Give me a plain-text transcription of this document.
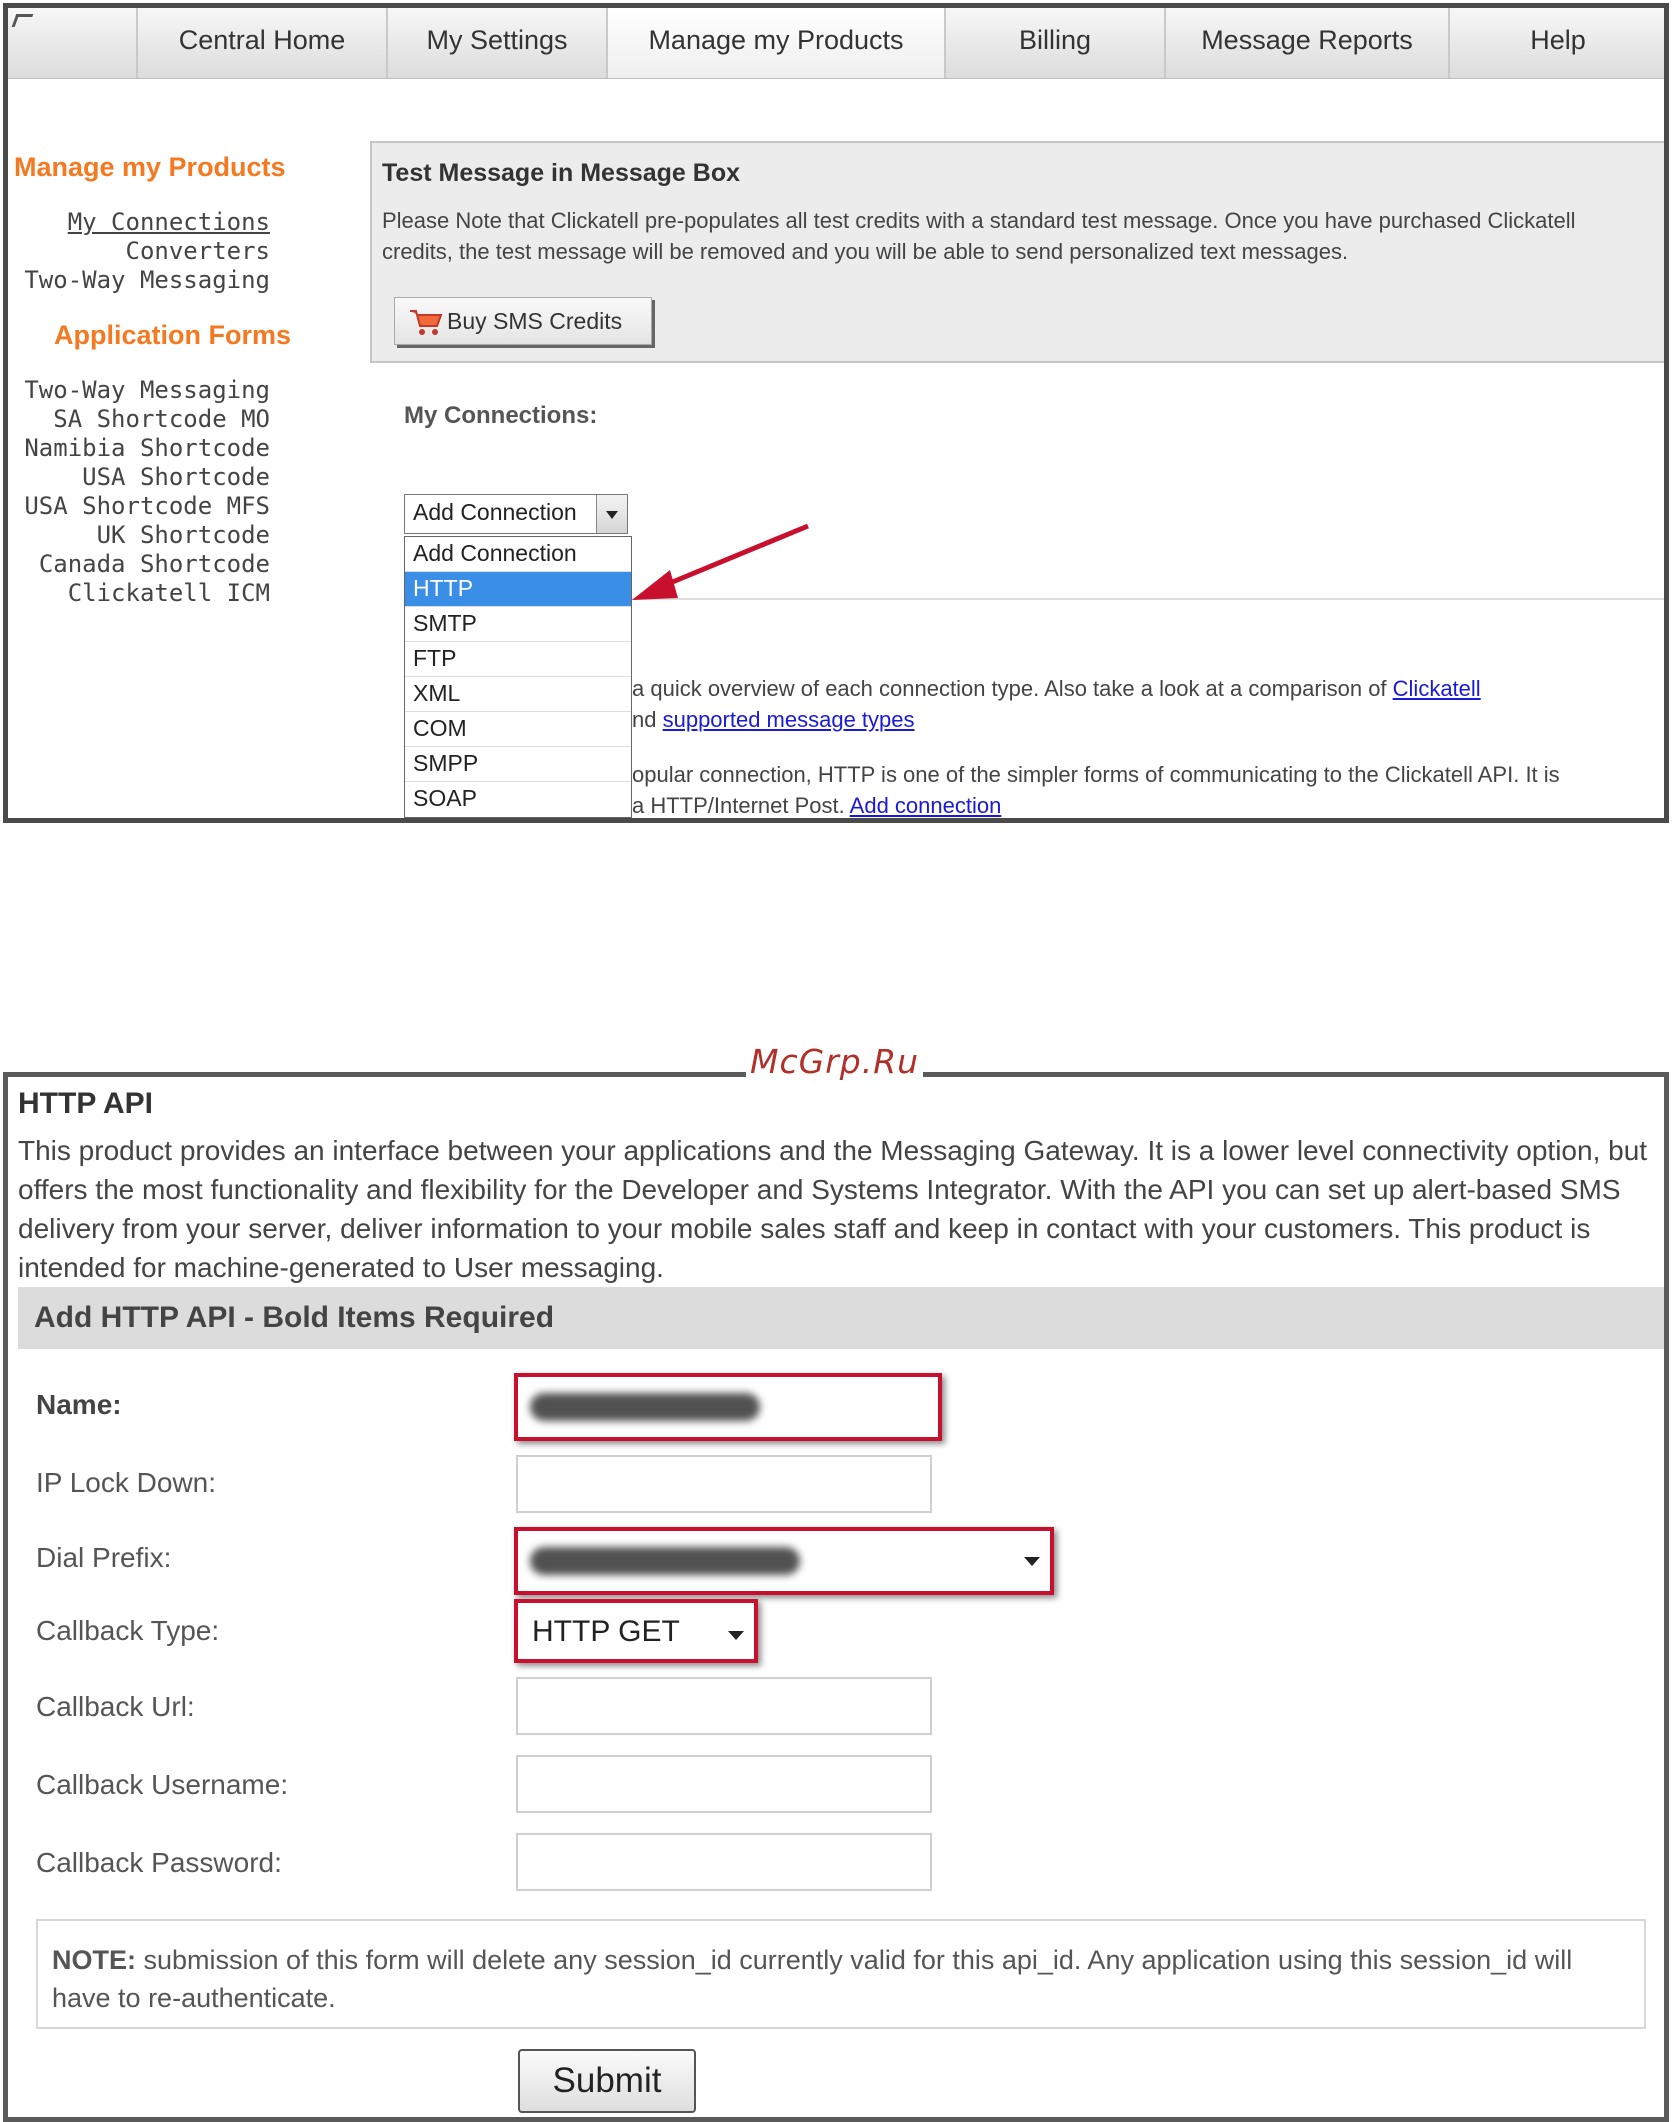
Central Home	My Settings	Manage my Products	Billing	Message Reports	Help
Manage my Products
My Connections
Converters
Two-Way Messaging
Application Forms
Two-Way Messaging
SA Shortcode MO
Namibia Shortcode
USA Shortcode
USA Shortcode MFS
UK Shortcode
Canada Shortcode
Clickatell ICM
Test Message in Message Box
Please Note that Clickatell pre-populates all test credits with a standard test message. Once you have purchased Clickatell credits, the test message will be removed and you will be able to send personalized text messages.
Buy SMS Credits
My Connections:
a quick overview of each connection type. Also take a look at a comparison of Clickatell
nd supported message types
opular connection, HTTP is one of the simpler forms of communicating to the Clickatell API. It is
a HTTP/Internet Post. Add connection
Add Connection
Add Connection
HTTP
SMTP
FTP
XML
COM
SMPP
SOAP
HTTP API
This product provides an interface between your applications and the Messaging Gateway. It is a lower level connectivity option, but offers the most functionality and flexibility for the Developer and Systems Integrator. With the API you can set up alert-based SMS delivery from your server, deliver information to your mobile sales staff and keep in contact with your customers. This product is intended for machine-generated to User messaging.
Add HTTP API - Bold Items Required
Name:
IP Lock Down:
Dial Prefix:
Callback Type:	HTTP GET
Callback Url:
Callback Username:
Callback Password:

NOTE: submission of this form will delete any session_id currently valid for this api_id. Any application using this session_id will have to re-authenticate.

Submit
McGrp.Ru
